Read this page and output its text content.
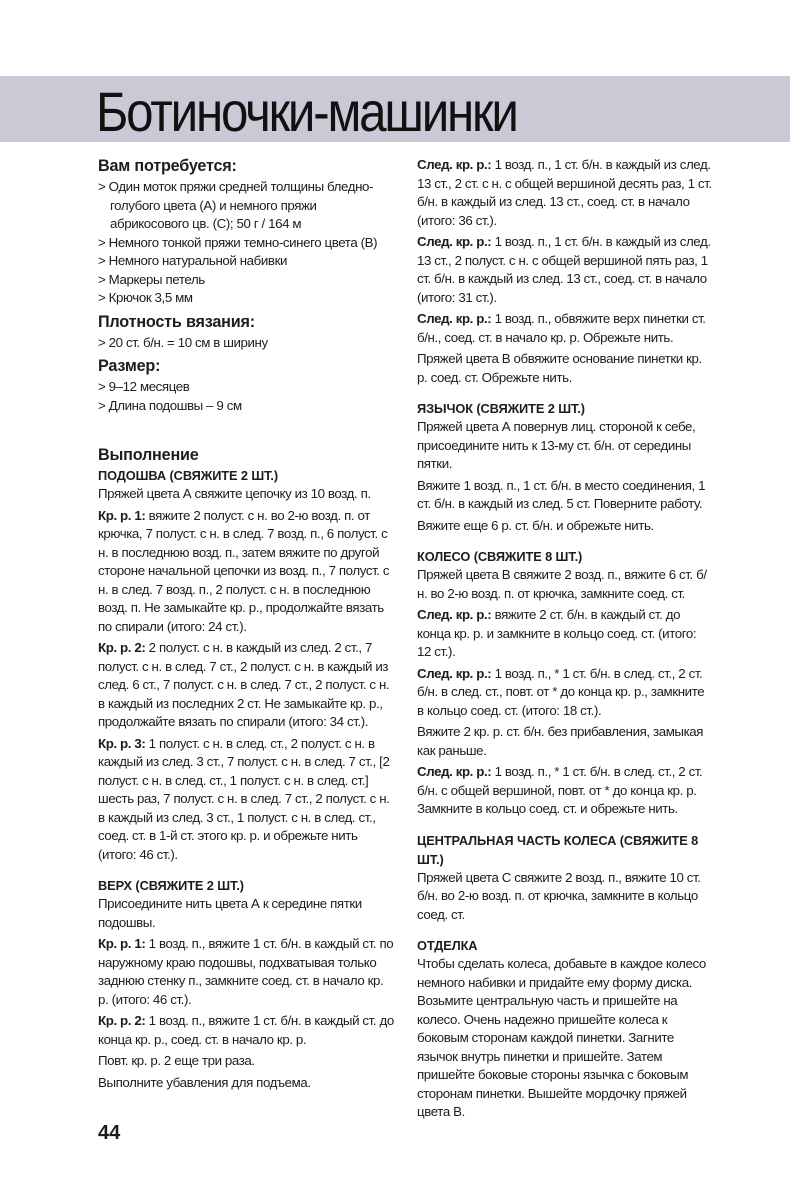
Ботиночки-машинки
Вам потребуется:
> Один моток пряжи средней толщины бледно-голубого цвета (А) и немного пряжи абрикосового цв. (С); 50 г / 164 м
> Немного тонкой пряжи темно-синего цвета (В)
> Немного натуральной набивки
> Маркеры петель
> Крючок 3,5 мм
Плотность вязания:
> 20 ст. б/н. = 10 см в ширину
Размер:
> 9–12 месяцев
> Длина подошвы – 9 см
Выполнение
ПОДОШВА (СВЯЖИТЕ 2 ШТ.)

Пряжей цвета А свяжите цепочку из 10 возд. п.

Кр. р. 1: вяжите 2 полуст. с н. во 2-ю возд. п. от крючка, 7 полуст. с н. в след. 7 возд. п., 6 полуст. с н. в последнюю возд. п., затем вяжите по другой стороне начальной цепочки из возд. п., 7 полуст. с н. в след. 7 возд. п., 2 полуст. с н. в последнюю возд. п. Не замыкайте кр. р., продолжайте вязать по спирали (итого: 24 ст.).

Кр. р. 2: 2 полуст. с н. в каждый из след. 2 ст., 7 полуст. с н. в след. 7 ст., 2 полуст. с н. в каждый из след. 6 ст., 7 полуст. с н. в след. 7 ст., 2 полуст. с н. в каждый из последних 2 ст. Не замыкайте кр. р., продолжайте вязать по спирали (итого: 34 ст.).

Кр. р. 3: 1 полуст. с н. в след. ст., 2 полуст. с н. в каждый из след. 3 ст., 7 полуст. с н. в след. 7 ст., [2 полуст. с н. в след. ст., 1 полуст. с н. в след. ст.] шесть раз, 7 полуст. с н. в след. 7 ст., 2 полуст. с н. в каждый из след. 3 ст., 1 полуст. с н. в след. ст., соед. ст. в 1-й ст. этого кр. р. и обрежьте нить (итого: 46 ст.).

ВЕРХ (СВЯЖИТЕ 2 ШТ.)

Присоедините нить цвета А к середине пятки подошвы.

Кр. р. 1: 1 возд. п., вяжите 1 ст. б/н. в каждый ст. по наружному краю подошвы, подхватывая только заднюю стенку п., замкните соед. ст. в начало кр. р. (итого: 46 ст.).

Кр. р. 2: 1 возд. п., вяжите 1 ст. б/н. в каждый ст. до конца кр. р., соед. ст. в начало кр. р.

Повт. кр. р. 2 еще три раза.

Выполните убавления для подъема.

След. кр. р.: 1 возд. п., 1 ст. б/н. в каждый из след. 13 ст., 2 ст. с н. с общей вершиной десять раз, 1 ст. б/н. в каждый из след. 13 ст., соед. ст. в начало (итого: 36 ст.).

След. кр. р.: 1 возд. п., 1 ст. б/н. в каждый из след. 13 ст., 2 полуст. с н. с общей вершиной пять раз, 1 ст. б/н. в каждый из след. 13 ст., соед. ст. в начало (итого: 31 ст.).

След. кр. р.: 1 возд. п., обвяжите верх пинетки ст. б/н., соед. ст. в начало кр. р. Обрежьте нить.

Пряжей цвета В обвяжите основание пинетки кр. р. соед. ст. Обрежьте нить.

ЯЗЫЧОК (СВЯЖИТЕ 2 ШТ.)

Пряжей цвета А повернув лиц. стороной к себе, присоедините нить к 13-му ст. б/н. от середины пятки.

Вяжите 1 возд. п., 1 ст. б/н. в место соединения, 1 ст. б/н. в каждый из след. 5 ст. Поверните работу.

Вяжите еще 6 р. ст. б/н. и обрежьте нить.

КОЛЕСО (СВЯЖИТЕ 8 ШТ.)

Пряжей цвета В свяжите 2 возд. п., вяжите 6 ст. б/н. во 2-ю возд. п. от крючка, замкните соед. ст.

След. кр. р.: вяжите 2 ст. б/н. в каждый ст. до конца кр. р. и замкните в кольцо соед. ст. (итого: 12 ст.).

След. кр. р.: 1 возд. п., * 1 ст. б/н. в след. ст., 2 ст. б/н. в след. ст., повт. от * до конца кр. р., замкните в кольцо соед. ст. (итого: 18 ст.).

Вяжите 2 кр. р. ст. б/н. без прибавления, замыкая как раньше.

След. кр. р.: 1 возд. п., * 1 ст. б/н. в след. ст., 2 ст. б/н. с общей вершиной, повт. от * до конца кр. р. Замкните в кольцо соед. ст. и обрежьте нить.

ЦЕНТРАЛЬНАЯ ЧАСТЬ КОЛЕСА (СВЯЖИТЕ 8 ШТ.)

Пряжей цвета С свяжите 2 возд. п., вяжите 10 ст. б/н. во 2-ю возд. п. от крючка, замкните в кольцо соед. ст.

ОТДЕЛКА

Чтобы сделать колеса, добавьте в каждое колесо немного набивки и придайте ему форму диска. Возьмите центральную часть и пришейте на колесо. Очень надежно пришейте колеса к боковым сторонам каждой пинетки. Загните язычок внутрь пинетки и пришейте. Затем пришейте боковые стороны язычка с боковым сторонам пинетки. Вышейте мордочку пряжей цвета В.

44
